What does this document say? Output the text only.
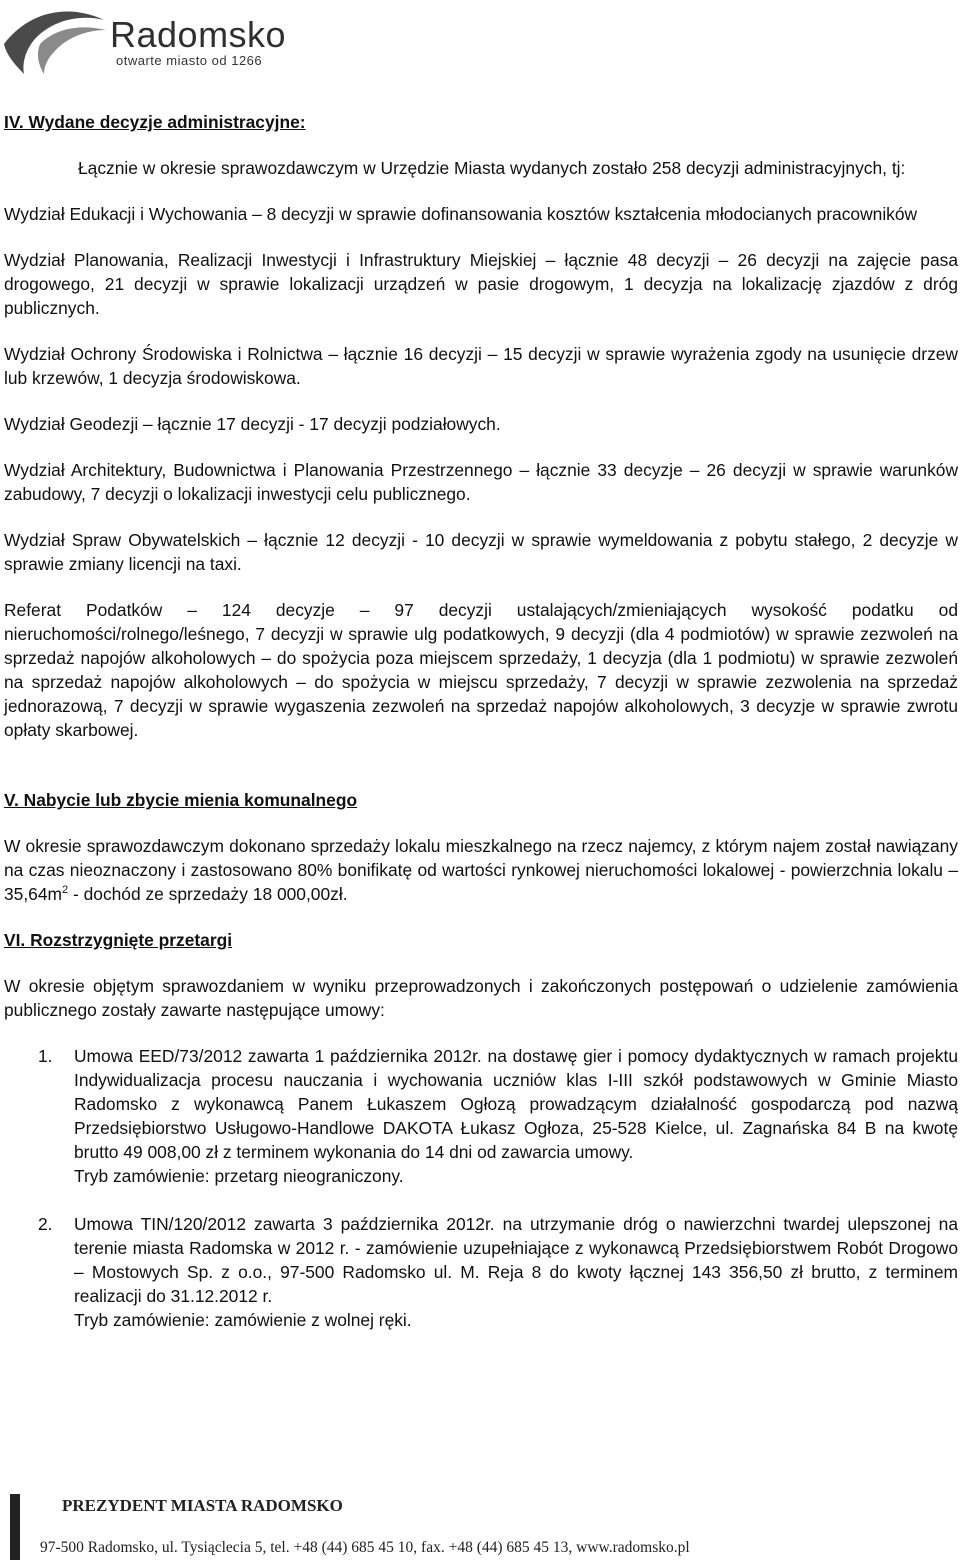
Radomsko
otwarte miasto od 1266
IV. Wydane decyzje administracyjne:

Łącznie w okresie sprawozdawczym w Urzędzie Miasta wydanych zostało 258 decyzji administracyjnych, tj:

Wydział Edukacji i Wychowania – 8 decyzji w sprawie dofinansowania kosztów kształcenia młodocianych pracowników

Wydział Planowania, Realizacji Inwestycji i Infrastruktury Miejskiej – łącznie 48 decyzji – 26 decyzji na zajęcie pasa drogowego, 21 decyzji w sprawie lokalizacji urządzeń w pasie drogowym, 1 decyzja na lokalizację zjazdów z dróg publicznych.

Wydział Ochrony Środowiska i Rolnictwa – łącznie 16 decyzji – 15 decyzji w sprawie wyrażenia zgody na usunięcie drzew lub krzewów, 1 decyzja środowiskowa.

Wydział Geodezji – łącznie 17 decyzji - 17 decyzji podziałowych.

Wydział Architektury, Budownictwa i Planowania Przestrzennego – łącznie 33 decyzje – 26 decyzji w sprawie warunków zabudowy, 7 decyzji o lokalizacji inwestycji celu publicznego.

Wydział Spraw Obywatelskich – łącznie 12 decyzji - 10 decyzji w sprawie wymeldowania z pobytu stałego, 2 decyzje w sprawie zmiany licencji na taxi.

Referat Podatków – 124 decyzje – 97 decyzji ustalających/zmieniających wysokość podatku od nieruchomości/rolnego/leśnego, 7 decyzji w sprawie ulg podatkowych, 9 decyzji (dla 4 podmiotów) w sprawie zezwoleń na sprzedaż napojów alkoholowych – do spożycia poza miejscem sprzedaży, 1 decyzja (dla 1 podmiotu) w sprawie zezwoleń na sprzedaż napojów alkoholowych – do spożycia w miejscu sprzedaży, 7 decyzji w sprawie zezwolenia na sprzedaż jednorazową, 7 decyzji w sprawie wygaszenia zezwoleń na sprzedaż napojów alkoholowych, 3 decyzje w sprawie zwrotu opłaty skarbowej.

V. Nabycie lub zbycie mienia komunalnego

W okresie sprawozdawczym dokonano sprzedaży lokalu mieszkalnego na rzecz najemcy, z którym najem został nawiązany na czas nieoznaczony i zastosowano 80% bonifikatę od wartości rynkowej nieruchomości lokalowej - powierzchnia lokalu – $35,64m^2$ - dochód ze sprzedaży 18 000,00zł.

VI. Rozstrzygnięte przetargi

W okresie objętym sprawozdaniem w wyniku przeprowadzonych i zakończonych postępowań o udzielenie zamówienia publicznego zostały zawarte następujące umowy:

1. Umowa EED/73/2012 zawarta 1 października 2012r. na dostawę gier i pomocy dydaktycznych w ramach projektu Indywidualizacja procesu nauczania i wychowania uczniów klas I-III szkół podstawowych w Gminie Miasto Radomsko z wykonawcą Panem Łukaszem Ogłozą prowadzącym działalność gospodarczą pod nazwą Przedsiębiorstwo Usługowo-Handlowe DAKOTA Łukasz Ogłoza, 25-528 Kielce, ul. Zagnańska 84 B na kwotę brutto 49 008,00 zł z terminem wykonania do 14 dni od zawarcia umowy.

Tryb zamówienie: przetarg nieograniczony.

2. Umowa TIN/120/2012 zawarta 3 października 2012r. na utrzymanie dróg o nawierzchni twardej ulepszonej na terenie miasta Radomska w 2012 r. - zamówienie uzupełniające z wykonawcą Przedsiębiorstwem Robót Drogowo – Mostowych Sp. z o.o., 97-500 Radomsko ul. M. Reja 8 do kwoty łącznej 143 356,50 zł brutto, z terminem realizacji do 31.12.2012 r.

Tryb zamówienie: zamówienie z wolnej ręki.

PREZYDENT MIASTA RADOMSKO
97-500 Radomsko, ul. Tysiąclecia 5, tel. +48 (44) 685 45 10, fax. +48 (44) 685 45 13, www.radomsko.pl
